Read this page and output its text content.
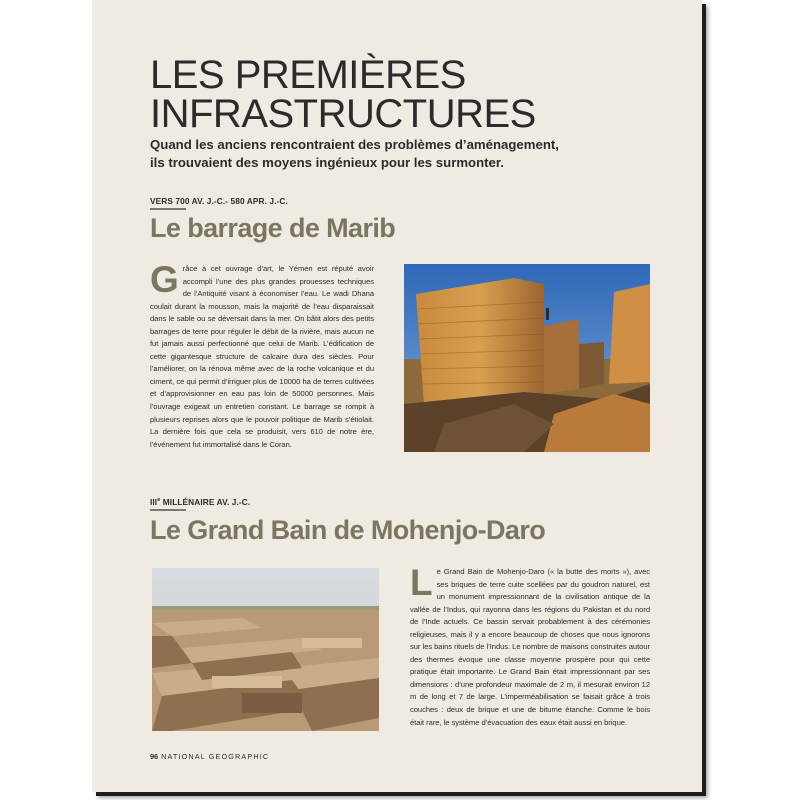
LES PREMIÈRES
INFRASTRUCTURES
Quand les anciens rencontraient des problèmes d’aménagement, ils trouvaient des moyens ingénieux pour les surmonter.
VERS 700 AV. J.-C.- 580 APR. J.-C.
Le barrage de Marib
Grâce à cet ouvrage d’art, le Yémen est réputé avoir accompli l’une des plus grandes prouesses techniques de l’Antiquité visant à économiser l’eau. Le wadi Dhana coulait durant la mousson, mais la majorité de l’eau disparaissait dans le sable ou se déversait dans la mer. On bâtit alors des petits barrages de terre pour réguler le débit de la rivière, mais aucun ne fut jamais aussi perfectionné que celui de Marib. L’édification de cette gigantesque structure de calcaire dura des siècles. Pour l’améliorer, on la rénova même avec de la roche volcanique et du ciment, ce qui permit d’irriguer plus de 10000 ha de terres cultivées et d’approvisionner en eau pas loin de 50000 personnes. Mais l’ouvrage exigeait un entretien constant. Le barrage se rompit à plusieurs reprises alors que le pouvoir politique de Marib s’étiolait. La dernière fois que cela se produisit, vers 610 de notre ère, l’événement fut immortalisé dans le Coran.
IIIe MILLÉNAIRE AV. J.-C.
Le Grand Bain de Mohenjo-Daro
Le Grand Bain de Mohenjo-Daro (« la butte des morts »), avec ses briques de terre cuite scellées par du goudron naturel, est un monument impressionnant de la civilisation antique de la vallée de l’Indus, qui rayonna dans les régions du Pakistan et du nord de l’Inde actuels. Ce bassin servait probablement à des cérémonies religieuses, mais il y a encore beaucoup de choses que nous ignorons sur les bains rituels de l’Indus. Le nombre de maisons construites autour des thermes évoque une classe moyenne prospère pour qui cette pratique était importante. Le Grand Bain était impressionnant par ses dimensions : d’une profondeur maximale de 2 m, il mesurait environ 12 m de long et 7 de large. L’imperméabilisation se faisait grâce à trois couches : deux de brique et une de bitume étanche. Comme le bois était rare, le système d’évacuation des eaux était aussi en brique.
96 NATIONAL GEOGRAPHIC
